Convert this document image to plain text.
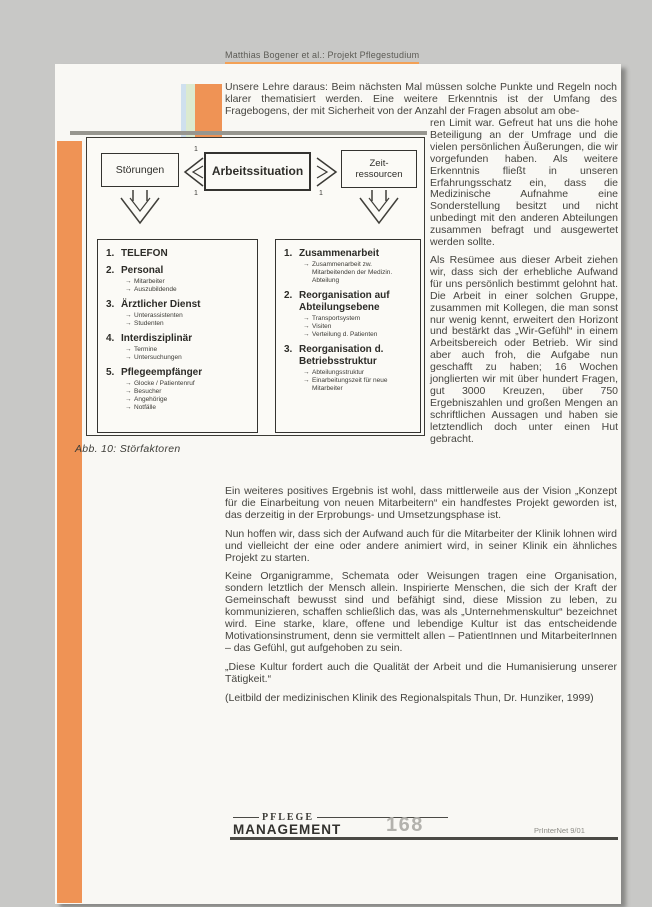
Matthias Bogener et al.: Projekt Pflegestudium
Unsere Lehre daraus: Beim nächsten Mal müssen solche Punkte und Regeln noch klarer thematisiert werden. Eine weitere Erkenntnis ist der Umfang des Fragebogens, der mit Sicherheit von der Anzahl der Fragen absolut am obe-

ren Limit war. Gefreut hat uns die hohe Beteiligung an der Umfrage und die vielen persönlichen Äußerungen, die wir vorgefunden haben. Als weitere Erkenntnis fließt in unseren Erfahrungsschatz ein, dass die Medizinische Aufnahme eine Sonderstellung besitzt und nicht unbedingt mit den anderen Abteilungen zusammen befragt und ausgewertet werden sollte.

Als Resümee aus dieser Arbeit ziehen wir, dass sich der erhebliche Aufwand für uns persönlich bestimmt gelohnt hat. Die Arbeit in einer solchen Gruppe, zusammen mit Kollegen, die man sonst nur wenig kennt, erweitert den Horizont und bestärkt das „Wir-Gefühl“ in einem Arbeitsbereich oder Betrieb. Wir sind aber auch froh, die Aufgabe nun geschafft zu haben; 16 Wochen jonglierten wir mit über hundert Fragen, gut 3000 Kreuzen, über 750 Ergebniszahlen und großen Mengen an schriftlichen Aussagen und haben sie letztendlich doch unter einen Hut gebracht.

Ein weiteres positives Ergebnis ist wohl, dass mittlerweile aus der Vision „Konzept für die Einarbeitung von neuen Mitarbeitern“ ein handfestes Projekt geworden ist, das derzeitig in der Erprobungs- und Umsetzungsphase ist.

Nun hoffen wir, dass sich der Aufwand auch für die Mitarbeiter der Klinik lohnen wird und vielleicht der eine oder andere animiert wird, in seiner Klinik ein ähnliches Projekt zu starten.

Keine Organigramme, Schemata oder Weisungen tragen eine Organisation, sondern letztlich der Mensch allein. Inspirierte Menschen, die sich der Kraft der Gemeinschaft bewusst sind und befähigt sind, diese Mission zu leben, zu kommunizieren, schaffen schließlich das, was als „Unternehmenskultur“ bezeichnet wird. Eine starke, klare, offene und lebendige Kultur ist das entscheidende Motivationsinstrument, denn sie vermittelt allen – PatientInnen und MitarbeiterInnen – das Gefühl, gut aufgehoben zu sein.

„Diese Kultur fordert auch die Qualität der Arbeit und die Humanisierung unserer Tätigkeit.“

(Leitbild der medizinischen Klinik des Regionalspitals Thun, Dr. Hunziker, 1999)

Störungen	Arbeitssituation
Zeit-
ressourcen
1
1	1
1. TELEFON
2. Personal
→
Mitarbeiter
→
Auszubildende
3. Ärztlicher Dienst
→
Unterassistenten
→
Studenten
4. Interdisziplinär
→
Termine
→
Untersuchungen
5. Pflegeempfänger
→
Glocke / Patientenruf
→
Besucher
→
Angehörige
→
Notfälle
1. Zusammenarbeit
→
Zusammenarbeit zw. Mitarbeitenden der Medizin. Abteilung
2. Reorganisation auf Abteilungsebene
→
Transportsystem
→
Visiten
→
Verteilung d. Patienten
3. Reorganisation d. Betriebsstruktur
→
Abteilungsstruktur
→
Einarbeitungszeit für neue Mitarbeiter
Abb. 10: Störfaktoren
PFLEGE
MANAGEMENT	168	PrInterNet 9/01
